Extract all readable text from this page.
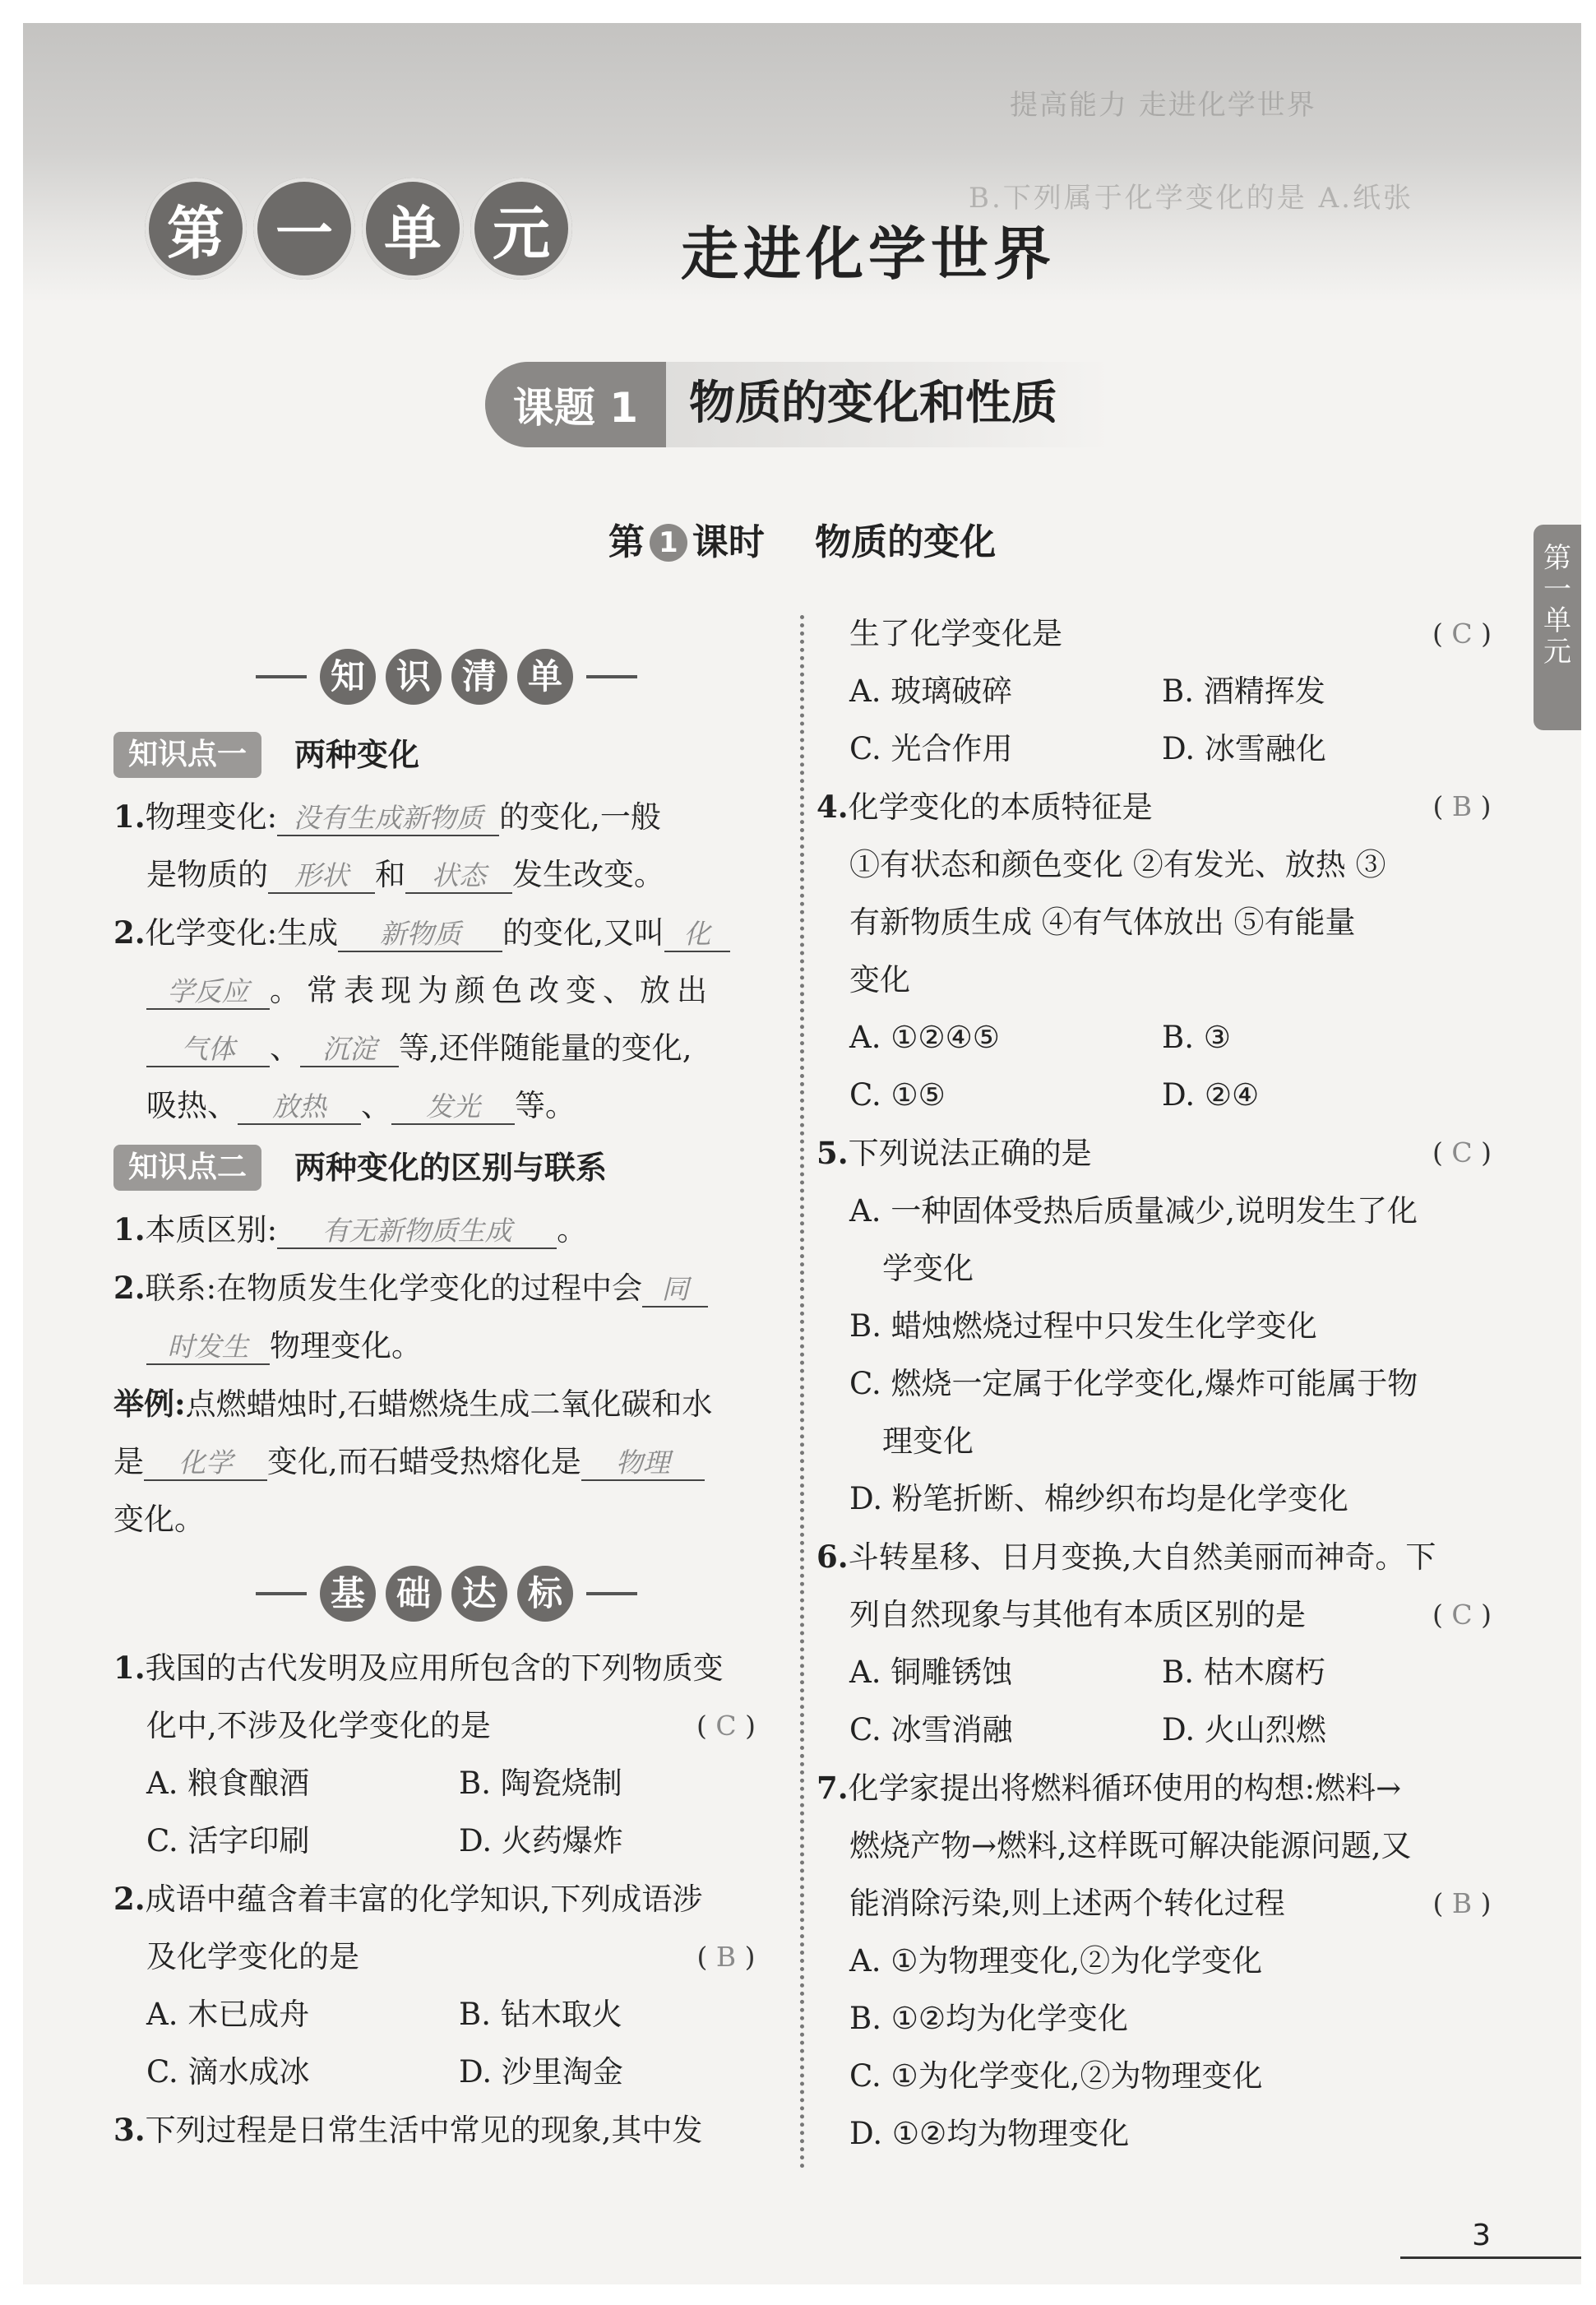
提高能力 走进化学世界
B.下列属于化学变化的是 A.纸张
第 一 单 元	走进化学世界
课题 1	物质的变化和性质
第 1 课时 物质的变化	第一单元
知 识 清 单
知识点一	两种变化
1.物理变化: 没有生成新物质 的变化,一般
是物质的 形状 和 状态 发生改变。
2.化学变化:生成 新物质 的变化,又叫 化
学反应 。常表现为颜色改变、放出
气体 、 沉淀 等,还伴随能量的变化,
吸热、 放热 、 发光 等。
知识点二	两种变化的区别与联系
1.本质区别: 有无新物质生成 。
2.联系:在物质发生化学变化的过程中会 同
时发生 物理变化。
举例:点燃蜡烛时,石蜡燃烧生成二氧化碳和水
是 化学 变化,而石蜡受热熔化是 物理
变化。
基 础 达 标
1.我国的古代发明及应用所包含的下列物质变
化中,不涉及化学变化的是	( C )
A. 粮食酿酒	B. 陶瓷烧制
C. 活字印刷	D. 火药爆炸
2.成语中蕴含着丰富的化学知识,下列成语涉
及化学变化的是	( B )
A. 木已成舟	B. 钻木取火
C. 滴水成冰	D. 沙里淘金
3.下列过程是日常生活中常见的现象,其中发
生了化学变化是	( C )
A. 玻璃破碎	B. 酒精挥发
C. 光合作用	D. 冰雪融化
4.化学变化的本质特征是	( B )
①有状态和颜色变化 ②有发光、放热 ③
有新物质生成 ④有气体放出 ⑤有能量
变化
A. ①②④⑤	B. ③
C. ①⑤	D. ②④
5.下列说法正确的是	( C )
A. 一种固体受热后质量减少,说明发生了化
学变化
B. 蜡烛燃烧过程中只发生化学变化
C. 燃烧一定属于化学变化,爆炸可能属于物
理变化
D. 粉笔折断、棉纱织布均是化学变化
6.斗转星移、日月变换,大自然美丽而神奇。下
列自然现象与其他有本质区别的是	( C )
A. 铜雕锈蚀	B. 枯木腐朽
C. 冰雪消融	D. 火山烈燃
7.化学家提出将燃料循环使用的构想:燃料→
燃烧产物→燃料,这样既可解决能源问题,又
能消除污染,则上述两个转化过程	( B )
A. ①为物理变化,②为化学变化
B. ①②均为化学变化
C. ①为化学变化,②为物理变化
D. ①②均为物理变化
3
